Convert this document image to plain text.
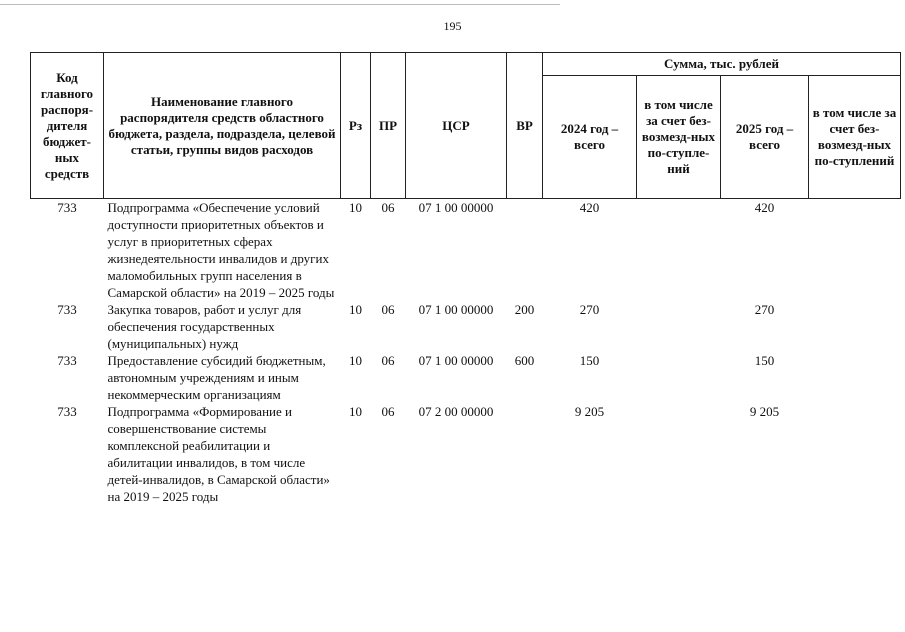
195
Код главного распоря-дителя бюджет-ных средств	Наименование главного распорядителя средств областного бюджета, раздела, подраздела, целевой статьи, группы видов расходов	Рз	ПР	ЦСР	ВР	Сумма, тыс. рублей			
						2024 год – всего	в том числе за счет без-возмезд-ных по-ступле-ний	2025 год – всего	в том числе за счет без-возмезд-ных по-ступлений
733	Подпрограмма «Обеспечение условий доступности приоритетных объектов и услуг в приоритетных сферах жизнедеятельности инвалидов и других маломобильных групп населения в Самарской области» на 2019 – 2025 годы	10	06	07 1 00 00000		420		420	
733	Закупка товаров, работ и услуг для обеспечения государственных (муниципальных) нужд	10	06	07 1 00 00000	200	270		270	
733	Предоставление субсидий бюджетным, автономным учреждениям и иным некоммерческим организациям	10	06	07 1 00 00000	600	150		150	
733	Подпрограмма «Формирование и совершенствование системы комплексной реабилитации и абилитации инвалидов, в том числе детей-инвалидов, в Самарской области» на 2019 – 2025 годы	10	06	07 2 00 00000		9 205		9 205	
